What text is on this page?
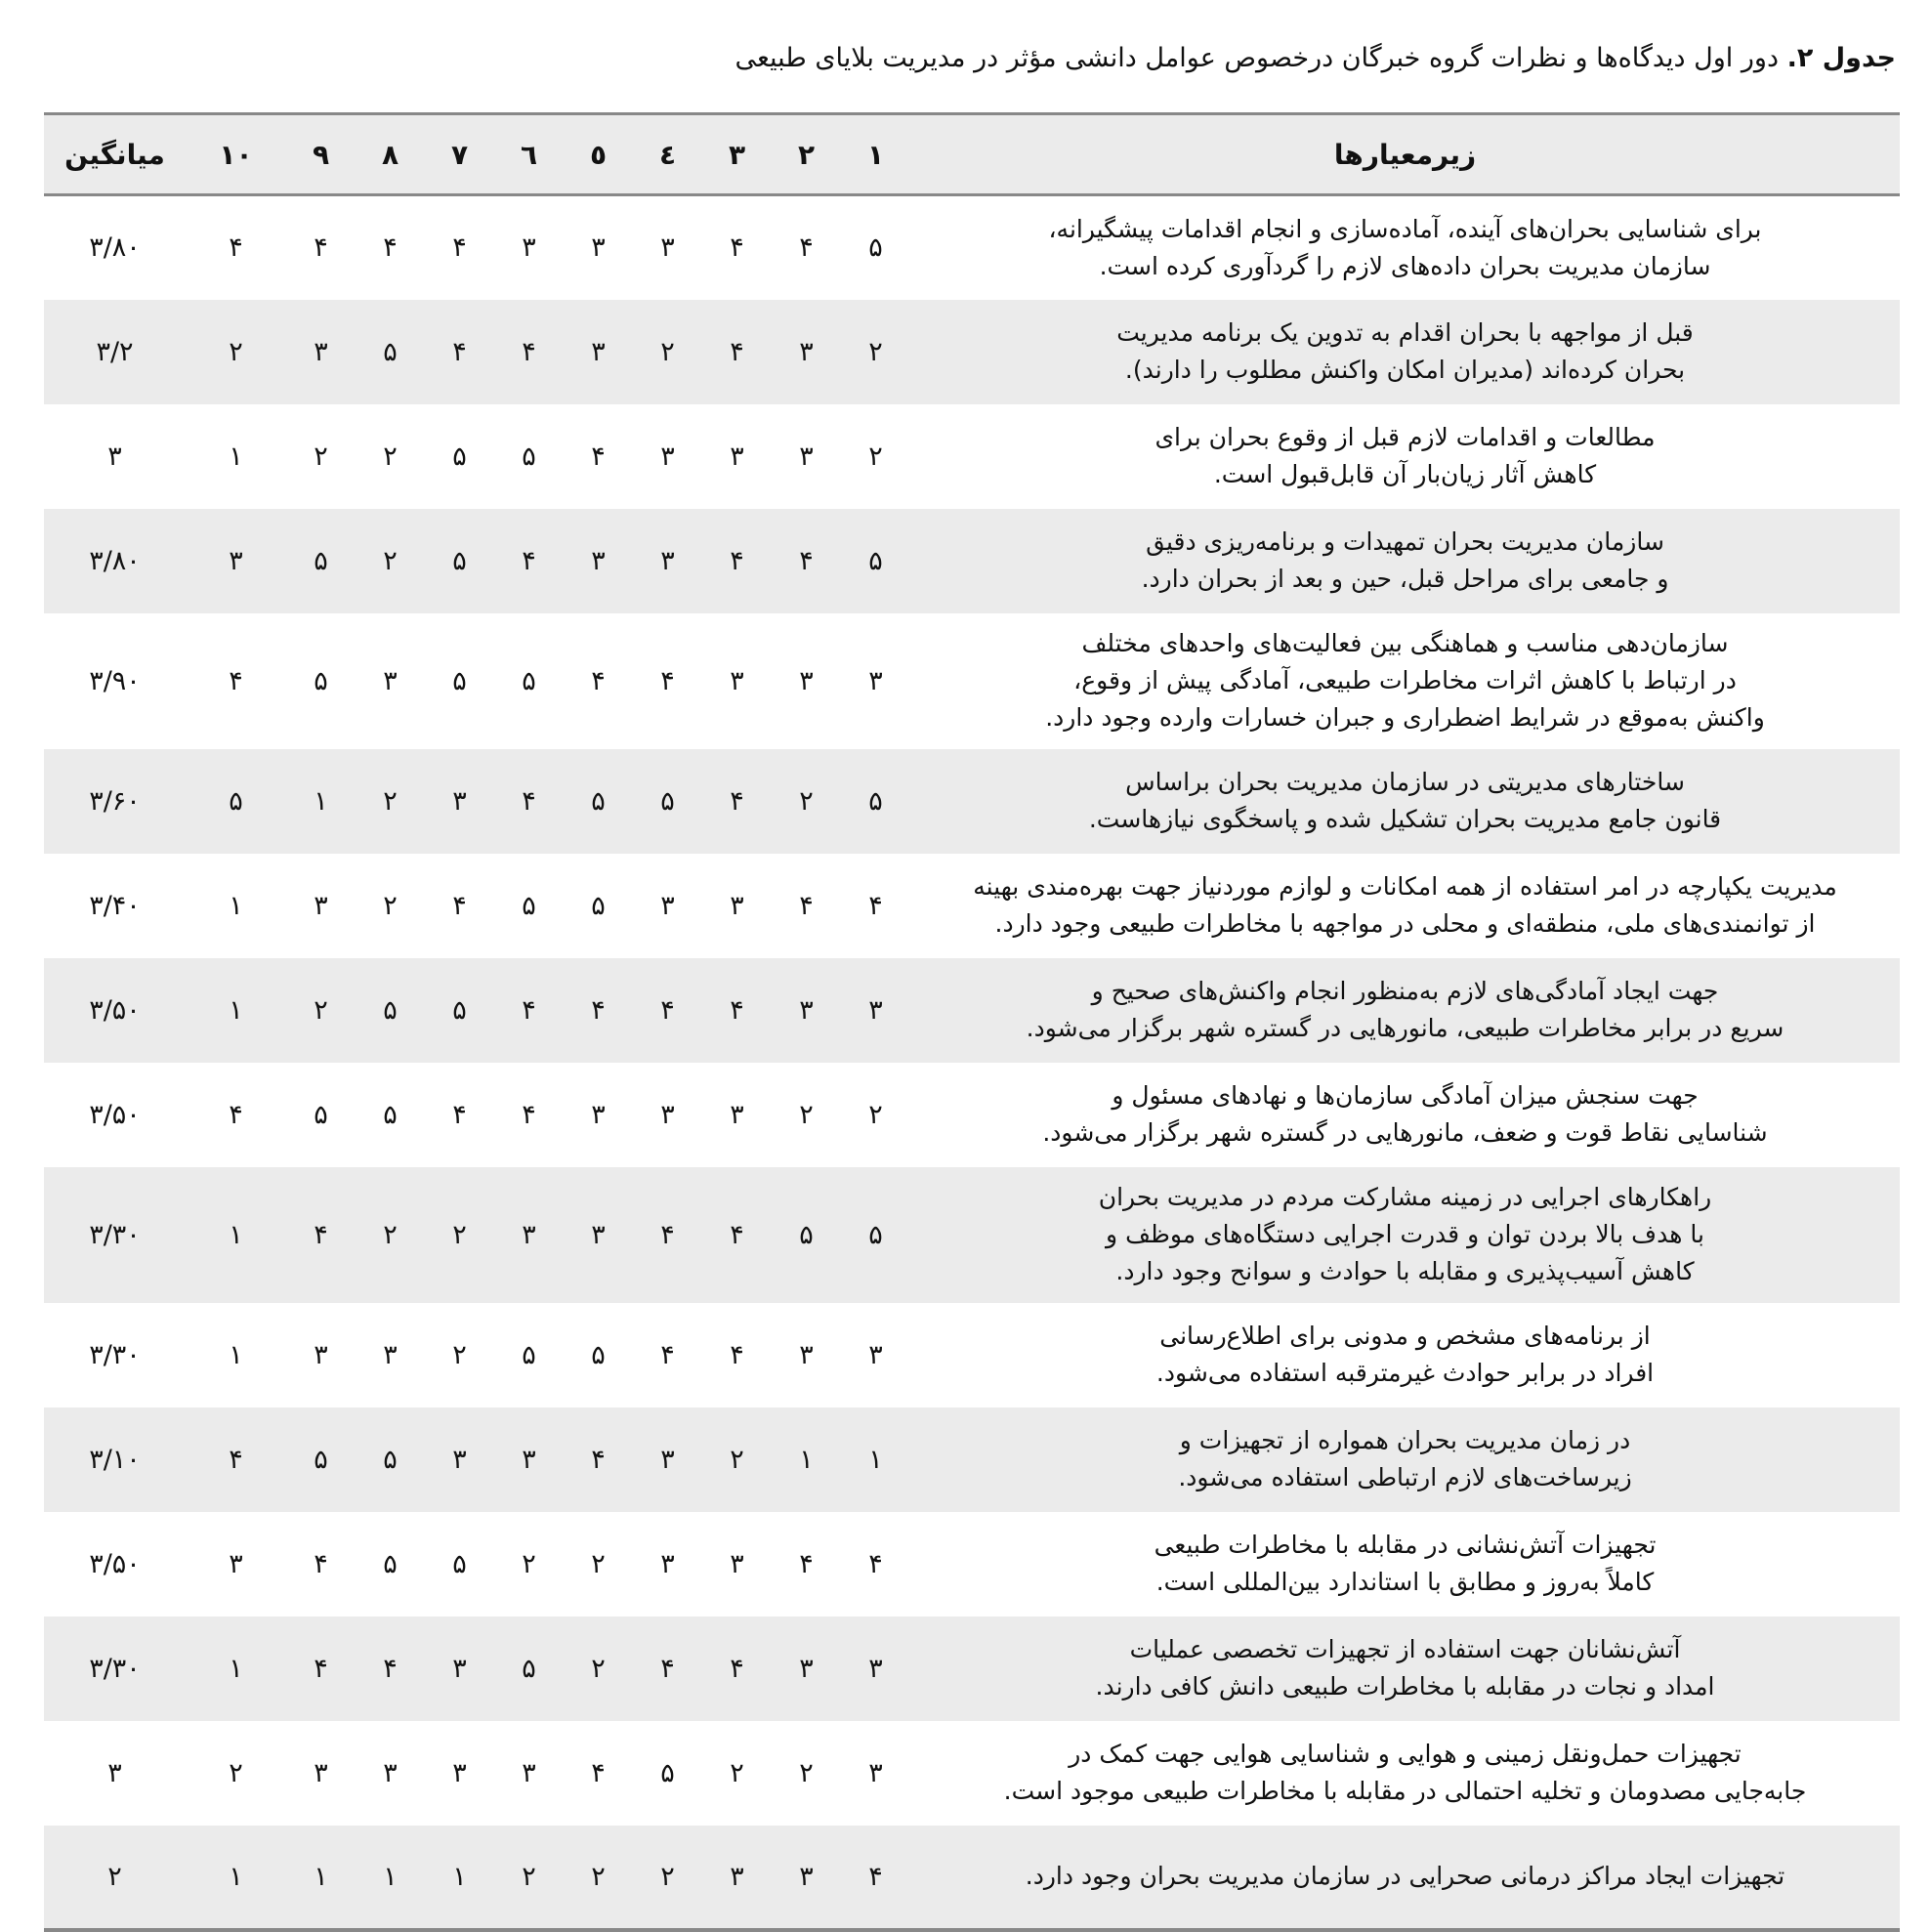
جدول ۲. دور اول دیدگاه‌ها و نظرات گروه خبرگان درخصوص عوامل دانشی مؤثر در مدیریت بلایای طبیعی
زیرمعیارها	۱	۲	۳	٤	٥	٦	۷	۸	۹	۱۰	میانگین

برای شناسایی بحران‌های آینده، آماده‌سازی و انجام اقدامات پیشگیرانه،
سازمان مدیریت بحران داده‌های لازم را گردآوری کرده است.	۵	۴	۴	۳	۳	۳	۴	۴	۴	۴	۳/۸۰

قبل از مواجهه با بحران اقدام به تدوین یک برنامه مدیریت
بحران کرده‌اند (مدیران امکان واکنش مطلوب را دارند).	۲	۳	۴	۲	۳	۴	۴	۵	۳	۲	۳/۲

مطالعات و اقدامات لازم قبل از وقوع بحران برای
کاهش آثار زیان‌بار آن قابل‌قبول است.	۲	۳	۳	۳	۴	۵	۵	۲	۲	۱	۳

سازمان مدیریت بحران تمهیدات و برنامه‌ریزی دقیق
و جامعی برای مراحل قبل، حین و بعد از بحران دارد.	۵	۴	۴	۳	۳	۴	۵	۲	۵	۳	۳/۸۰

سازمان‌دهی مناسب و هماهنگی بین فعالیت‌های واحدهای مختلف
در ارتباط با کاهش اثرات مخاطرات طبیعی، آمادگی پیش از وقوع،
واکنش به‌موقع در شرایط اضطراری و جبران خسارات وارده وجود دارد.	۳	۳	۳	۴	۴	۵	۵	۳	۵	۴	۳/۹۰

ساختارهای مدیریتی در سازمان مدیریت بحران براساس
قانون جامع مدیریت بحران تشکیل شده و پاسخگوی نیازهاست.	۵	۲	۴	۵	۵	۴	۳	۲	۱	۵	۳/۶۰

مدیریت یکپارچه در امر استفاده از همه امکانات و لوازم موردنیاز جهت بهره‌مندی بهینه
از توانمندی‌های ملی، منطقه‌ای و محلی در مواجهه با مخاطرات طبیعی وجود دارد.	۴	۴	۳	۳	۵	۵	۴	۲	۳	۱	۳/۴۰

جهت ایجاد آمادگی‌های لازم به‌منظور انجام واکنش‌های صحیح و
سریع در برابر مخاطرات طبیعی، مانورهایی در گستره شهر برگزار می‌شود.	۳	۳	۴	۴	۴	۴	۵	۵	۲	۱	۳/۵۰

جهت سنجش میزان آمادگی سازمان‌ها و نهادهای مسئول و
شناسایی نقاط قوت و ضعف، مانورهایی در گستره شهر برگزار می‌شود.	۲	۲	۳	۳	۳	۴	۴	۵	۵	۴	۳/۵۰

راهکارهای اجرایی در زمینه مشارکت مردم در مدیریت بحران
با هدف بالا بردن توان و قدرت اجرایی دستگاه‌های موظف و
کاهش آسیب‌پذیری و مقابله با حوادث و سوانح وجود دارد.	۵	۵	۴	۴	۳	۳	۲	۲	۴	۱	۳/۳۰

از برنامه‌های مشخص و مدونی برای اطلاع‌رسانی
افراد در برابر حوادث غیرمترقبه استفاده می‌شود.	۳	۳	۴	۴	۵	۵	۲	۳	۳	۱	۳/۳۰

در زمان مدیریت بحران همواره از تجهیزات و
زیرساخت‌های لازم ارتباطی استفاده می‌شود.	۱	۱	۲	۳	۴	۳	۳	۵	۵	۴	۳/۱۰

تجهیزات آتش‌نشانی در مقابله با مخاطرات طبیعی
کاملاً به‌روز و مطابق با استاندارد بین‌المللی است.	۴	۴	۳	۳	۲	۲	۵	۵	۴	۳	۳/۵۰

آتش‌نشانان جهت استفاده از تجهیزات تخصصی عملیات
امداد و نجات در مقابله با مخاطرات طبیعی دانش کافی دارند.	۳	۳	۴	۴	۲	۵	۳	۴	۴	۱	۳/۳۰

تجهیزات حمل‌ونقل زمینی و هوایی و شناسایی هوایی جهت کمک در
جابه‌جایی مصدومان و تخلیه احتمالی در مقابله با مخاطرات طبیعی موجود است.	۳	۲	۲	۵	۴	۳	۳	۳	۳	۲	۳

تجهیزات ایجاد مراکز درمانی صحرایی در سازمان مدیریت بحران وجود دارد.	۴	۳	۳	۲	۲	۲	۱	۱	۱	۱	۲
